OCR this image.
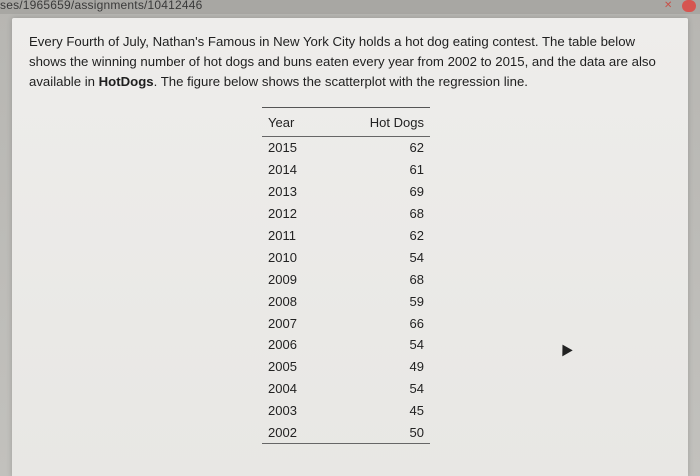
ses/1965659/assignments/10412446	✕

Every Fourth of July, Nathan's Famous in New York City holds a hot dog eating contest. The table below shows the winning number of hot dogs and buns eaten every year from 2002 to 2015, and the data are also available in HotDogs. The figure below shows the scatterplot with the regression line.

Year	Hot Dogs
2015	62
2014	61
2013	69
2012	68
2011	62
2010	54
2009	68
2008	59
2007	66
2006	54
2005	49
2004	54
2003	45
2002	50
